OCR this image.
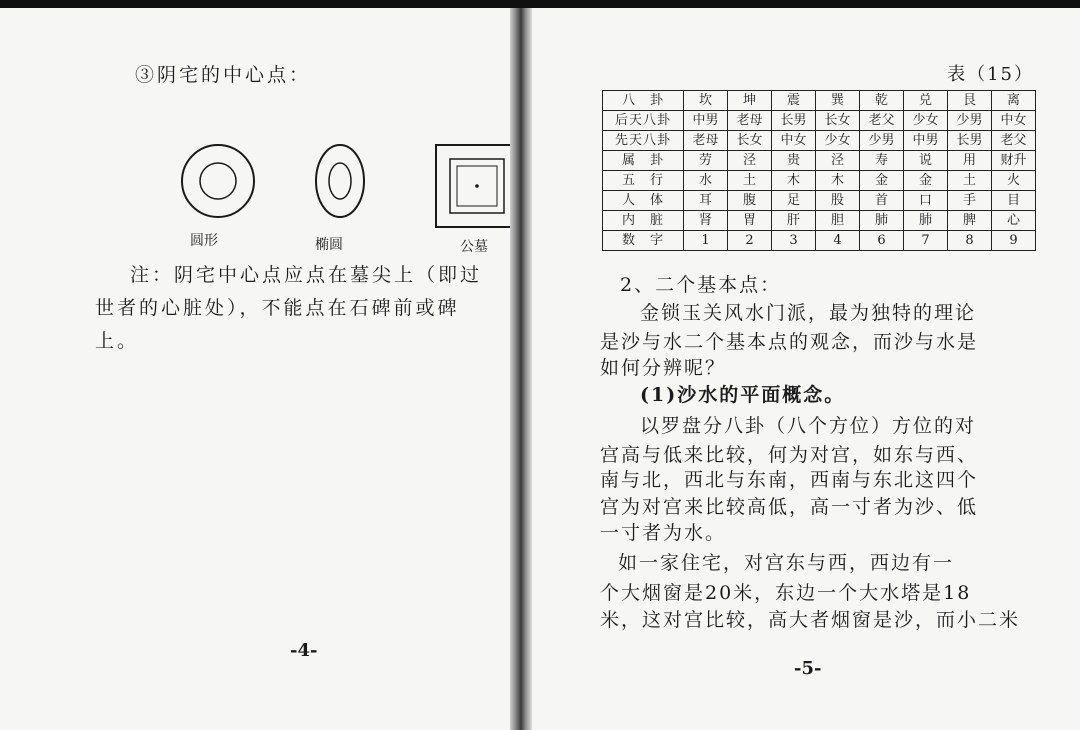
③阴宅的中心点：

圆形	椭圆	公墓

注：阴宅中心点应点在墓尖上（即过

世者的心脏处），不能点在石碑前或碑

上。

-4-
表（15）
八　卦	坎	坤	震	巽	乾	兑	艮	离
后天八卦	中男	老母	长男	长女	老父	少女	少男	中女
先天八卦	老母	长女	中女	少女	少男	中男	长男	老父
属　卦	劳	泾	贵	泾	寿	说	用	财升
五　行	水	土	木	木	金	金	土	火
人　体	耳	腹	足	股	首	口	手	目
内　脏	肾	胃	肝	胆	肺	肺	脾	心
数　字	1	2	3	4	6	7	8	9

2、二个基本点：

金锁玉关风水门派，最为独特的理论

是沙与水二个基本点的观念，而沙与水是

如何分辨呢？

(1)沙水的平面概念。

以罗盘分八卦（八个方位）方位的对

宫高与低来比较，何为对宫，如东与西、

南与北，西北与东南，西南与东北这四个

宫为对宫来比较高低，高一寸者为沙、低

一寸者为水。

如一家住宅，对宫东与西，西边有一

个大烟窗是20米，东边一个大水塔是18

米，这对宫比较，高大者烟窗是沙，而小二米

-5-
